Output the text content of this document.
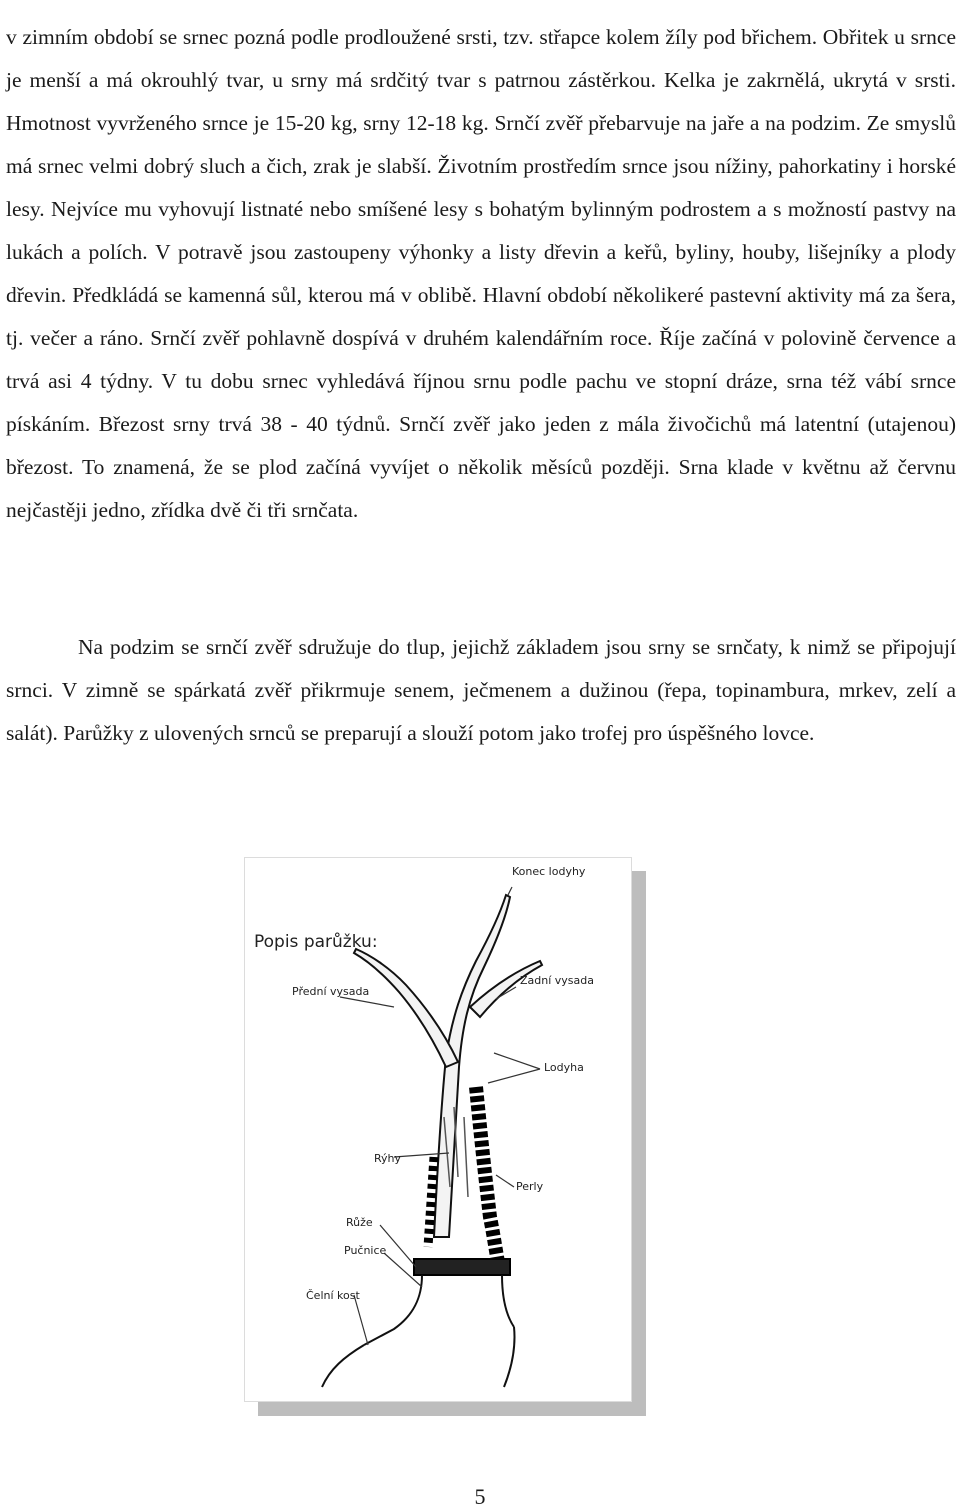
v zimním období se srnec pozná podle prodloužené srsti, tzv. střapce kolem žíly pod břichem. Obřitek u srnce je menší a má okrouhlý tvar, u srny má srdčitý tvar s patrnou zástěrkou. Kelka je zakrnělá, ukrytá v srsti. Hmotnost vyvrženého srnce je 15-20 kg, srny 12-18 kg. Srnčí zvěř přebarvuje na jaře a na podzim. Ze smyslů má srnec velmi dobrý sluch a čich, zrak je slabší. Životním prostředím srnce jsou nížiny, pahorkatiny i horské lesy. Nejvíce mu vyhovují listnaté nebo smíšené lesy s bohatým bylinným podrostem a s možností pastvy na lukách a polích. V potravě jsou zastoupeny výhonky a listy dřevin a keřů, byliny, houby, lišejníky a plody dřevin. Předkládá se kamenná sůl, kterou má v oblibě. Hlavní období několikeré pastevní aktivity má za šera, tj. večer a ráno. Srnčí zvěř pohlavně dospívá v druhém kalendářním roce. Říje začíná v polovině července a trvá asi 4 týdny. V tu dobu srnec vyhledává říjnou srnu podle pachu ve stopní dráze, srna též vábí srnce pískáním. Březost srny trvá 38 - 40 týdnů. Srnčí zvěř jako jeden z mála živočichů má latentní (utajenou) březost. To znamená, že se plod začíná vyvíjet o několik měsíců později. Srna klade v květnu až červnu nejčastěji jedno, zřídka dvě či tři srnčata.

Na podzim se srnčí zvěř sdružuje do tlup, jejichž základem jsou srny se srnčaty, k nimž se připojují srnci. V zimně se spárkatá zvěř přikrmuje senem, ječmenem a dužinou (řepa, topinambura, mrkev, zelí a salát). Parůžky z ulovených srnců se preparují a slouží potom jako trofej pro úspěšného lovce.

Popis parůžku:
Konec lodyhy
Přední vysada
Zadní vysada
Lodyha
Rýhy
Perly
Růže
Pučnice
Čelní kost
5
